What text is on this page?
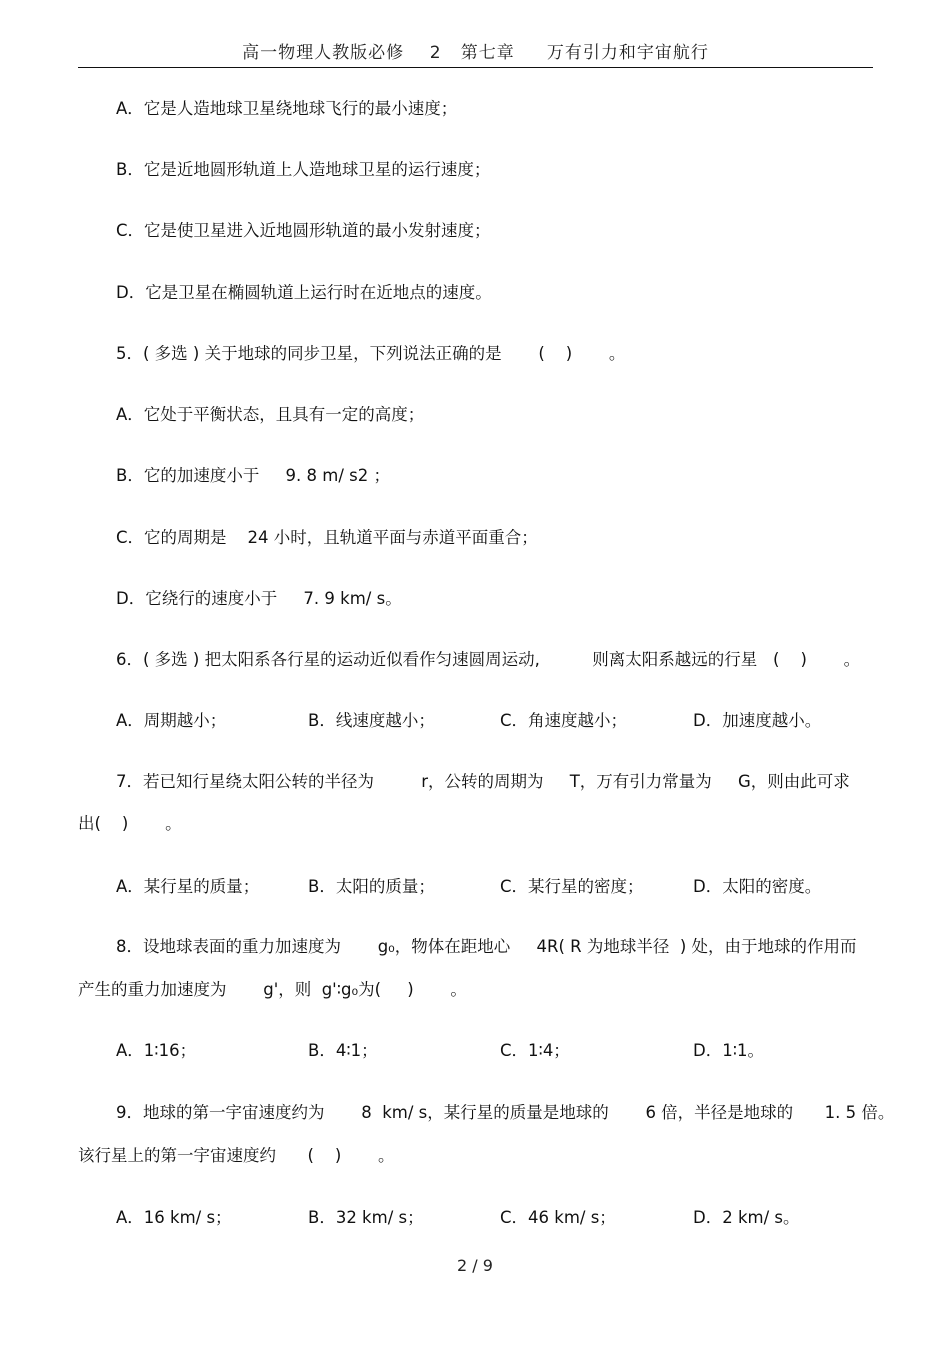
高一物理人教版必修    2   第七章     万有引力和宇宙航行
A．它是人造地球卫星绕地球飞行的最小速度；
B．它是近地圆形轨道上人造地球卫星的运行速度；
C．它是使卫星进入近地圆形轨道的最小发射速度；
D．它是卫星在椭圆轨道上运行时在近地点的速度。
5．( 多选 ) 关于地球的同步卫星，下列说法正确的是       (    )       。
A．它处于平衡状态，且具有一定的高度；
B．它的加速度小于     9. 8 m/ s2 ；
C．它的周期是    24 小时，且轨道平面与赤道平面重合；
D．它绕行的速度小于     7. 9 km/ s。
6．( 多选 ) 把太阳系各行星的运动近似看作匀速圆周运动,          则离太阳系越远的行星   (    )       。
A．周期越小；	B．线速度越小；	C．角速度越小；	D．加速度越小。
7．若已知行星绕太阳公转的半径为         r，公转的周期为     T，万有引力常量为     G，则由此可求
出(    )       。
A．某行星的质量；	B．太阳的质量；	C．某行星的密度；	D．太阳的密度。
8．设地球表面的重力加速度为       g₀，物体在距地心     4R( R 为地球半径  ) 处，由于地球的作用而
产生的重力加速度为       g'，则  g'∶g₀为(     )       。
A．1∶16；	B．4∶1；	C．1∶4；	D．1∶1。
9．地球的第一宇宙速度约为       8  km/ s，某行星的质量是地球的       6 倍，半径是地球的      1. 5 倍。
该行星上的第一宇宙速度约      (    )       。
A．16 km/ s；	B．32 km/ s；	C．46 km/ s；	D．2 km/ s。
2 / 9
